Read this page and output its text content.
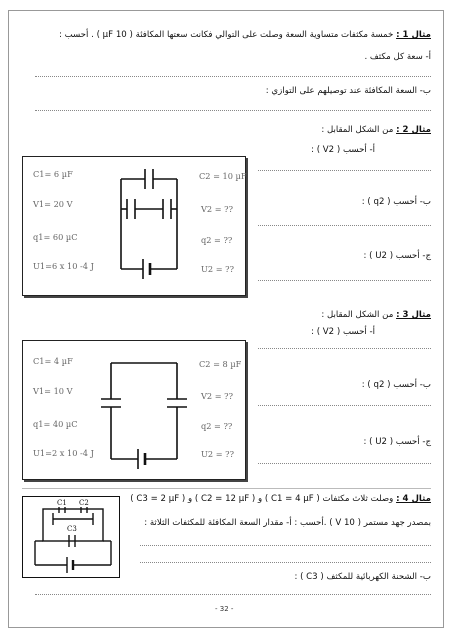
مثال 1 : خمسة مكثفات متساوية السعة وصلت على التوالي فكانت سعتها المكافئة ( 10 µF ) . أحسب :
أ- سعة كل مكثف .
ب- السعة المكافئة عند توصيلهم على التوازي :
مثال 2 : من الشكل المقابل :
أ- أحسب ( V2 ) :
ب- أحسب ( q2 ) :
ج- أحسب ( U2 ) :
C1= 6 µF
V1= 20 V
q1= 60 µC
U1=6 x 10 -4 J
C2 = 10 µF
V2 = ??
q2 = ??
U2 = ??
مثال 3 : من الشكل المقابل :
أ- أحسب ( V2 ) :
ب- أحسب ( q2 ) :
ج- أحسب ( U2 ) :
C1= 4 µF
V1= 10 V
q1= 40 µC
U1=2 x 10 -4 J
C2 = 8 µF
V2 = ??
q2 = ??
U2 = ??
مثال 4 : وصلت ثلاث مكثفات ( C1 = 4 µF ) و ( C2 = 12 µF ) و ( C3 = 2 µF )
بمصدر جهد مستمر ( 10 V ) .أحسب : أ- مقدار السعة المكافئة للمكثفات الثلاثة :
ب- الشحنة الكهربائية للمكثف ( C3 ) :
C1 C2
C3
- 32 -
